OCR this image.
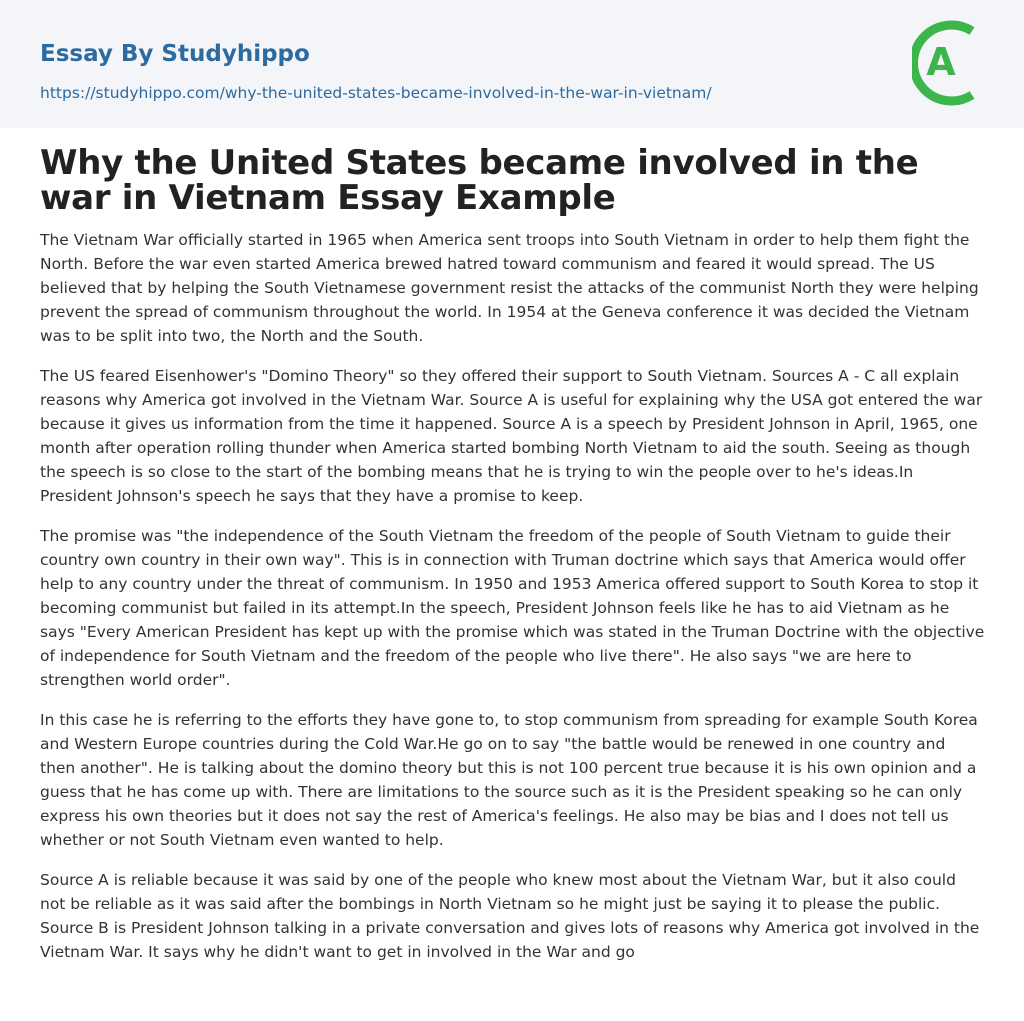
Essay By Studyhippo
https://studyhippo.com/why-the-united-states-became-involved-in-the-war-in-vietnam/
A
Why the United States became involved in the war in Vietnam Essay Example

The Vietnam War officially started in 1965 when America sent troops into South Vietnam in order to help them fight the North. Before the war even started America brewed hatred toward communism and feared it would spread. The US believed that by helping the South Vietnamese government resist the attacks of the communist North they were helping prevent the spread of communism throughout the world. In 1954 at the Geneva conference it was decided the Vietnam was to be split into two, the North and the South.

The US feared Eisenhower's "Domino Theory" so they offered their support to South Vietnam. Sources A - C all explain reasons why America got involved in the Vietnam War. Source A is useful for explaining why the USA got entered the war because it gives us information from the time it happened. Source A is a speech by President Johnson in April, 1965, one month after operation rolling thunder when America started bombing North Vietnam to aid the south. Seeing as though the speech is so close to the start of the bombing means that he is trying to win the people over to he's ideas.In President Johnson's speech he says that they have a promise to keep.

The promise was "the independence of the South Vietnam the freedom of the people of South Vietnam to guide their country own country in their own way". This is in connection with Truman doctrine which says that America would offer help to any country under the threat of communism. In 1950 and 1953 America offered support to South Korea to stop it becoming communist but failed in its attempt.In the speech, President Johnson feels like he has to aid Vietnam as he says "Every American President has kept up with the promise which was stated in the Truman Doctrine with the objective of independence for South Vietnam and the freedom of the people who live there". He also says "we are here to strengthen world order".

In this case he is referring to the efforts they have gone to, to stop communism from spreading for example South Korea and Western Europe countries during the Cold War.He go on to say "the battle would be renewed in one country and then another". He is talking about the domino theory but this is not 100 percent true because it is his own opinion and a guess that he has come up with. There are limitations to the source such as it is the President speaking so he can only express his own theories but it does not say the rest of America's feelings. He also may be bias and I does not tell us whether or not South Vietnam even wanted to help.

Source A is reliable because it was said by one of the people who knew most about the Vietnam War, but it also could not be reliable as it was said after the bombings in North Vietnam so he might just be saying it to please the public. Source B is President Johnson talking in a private conversation and gives lots of reasons why America got involved in the Vietnam War. It says why he didn't want to get in involved in the War and go
